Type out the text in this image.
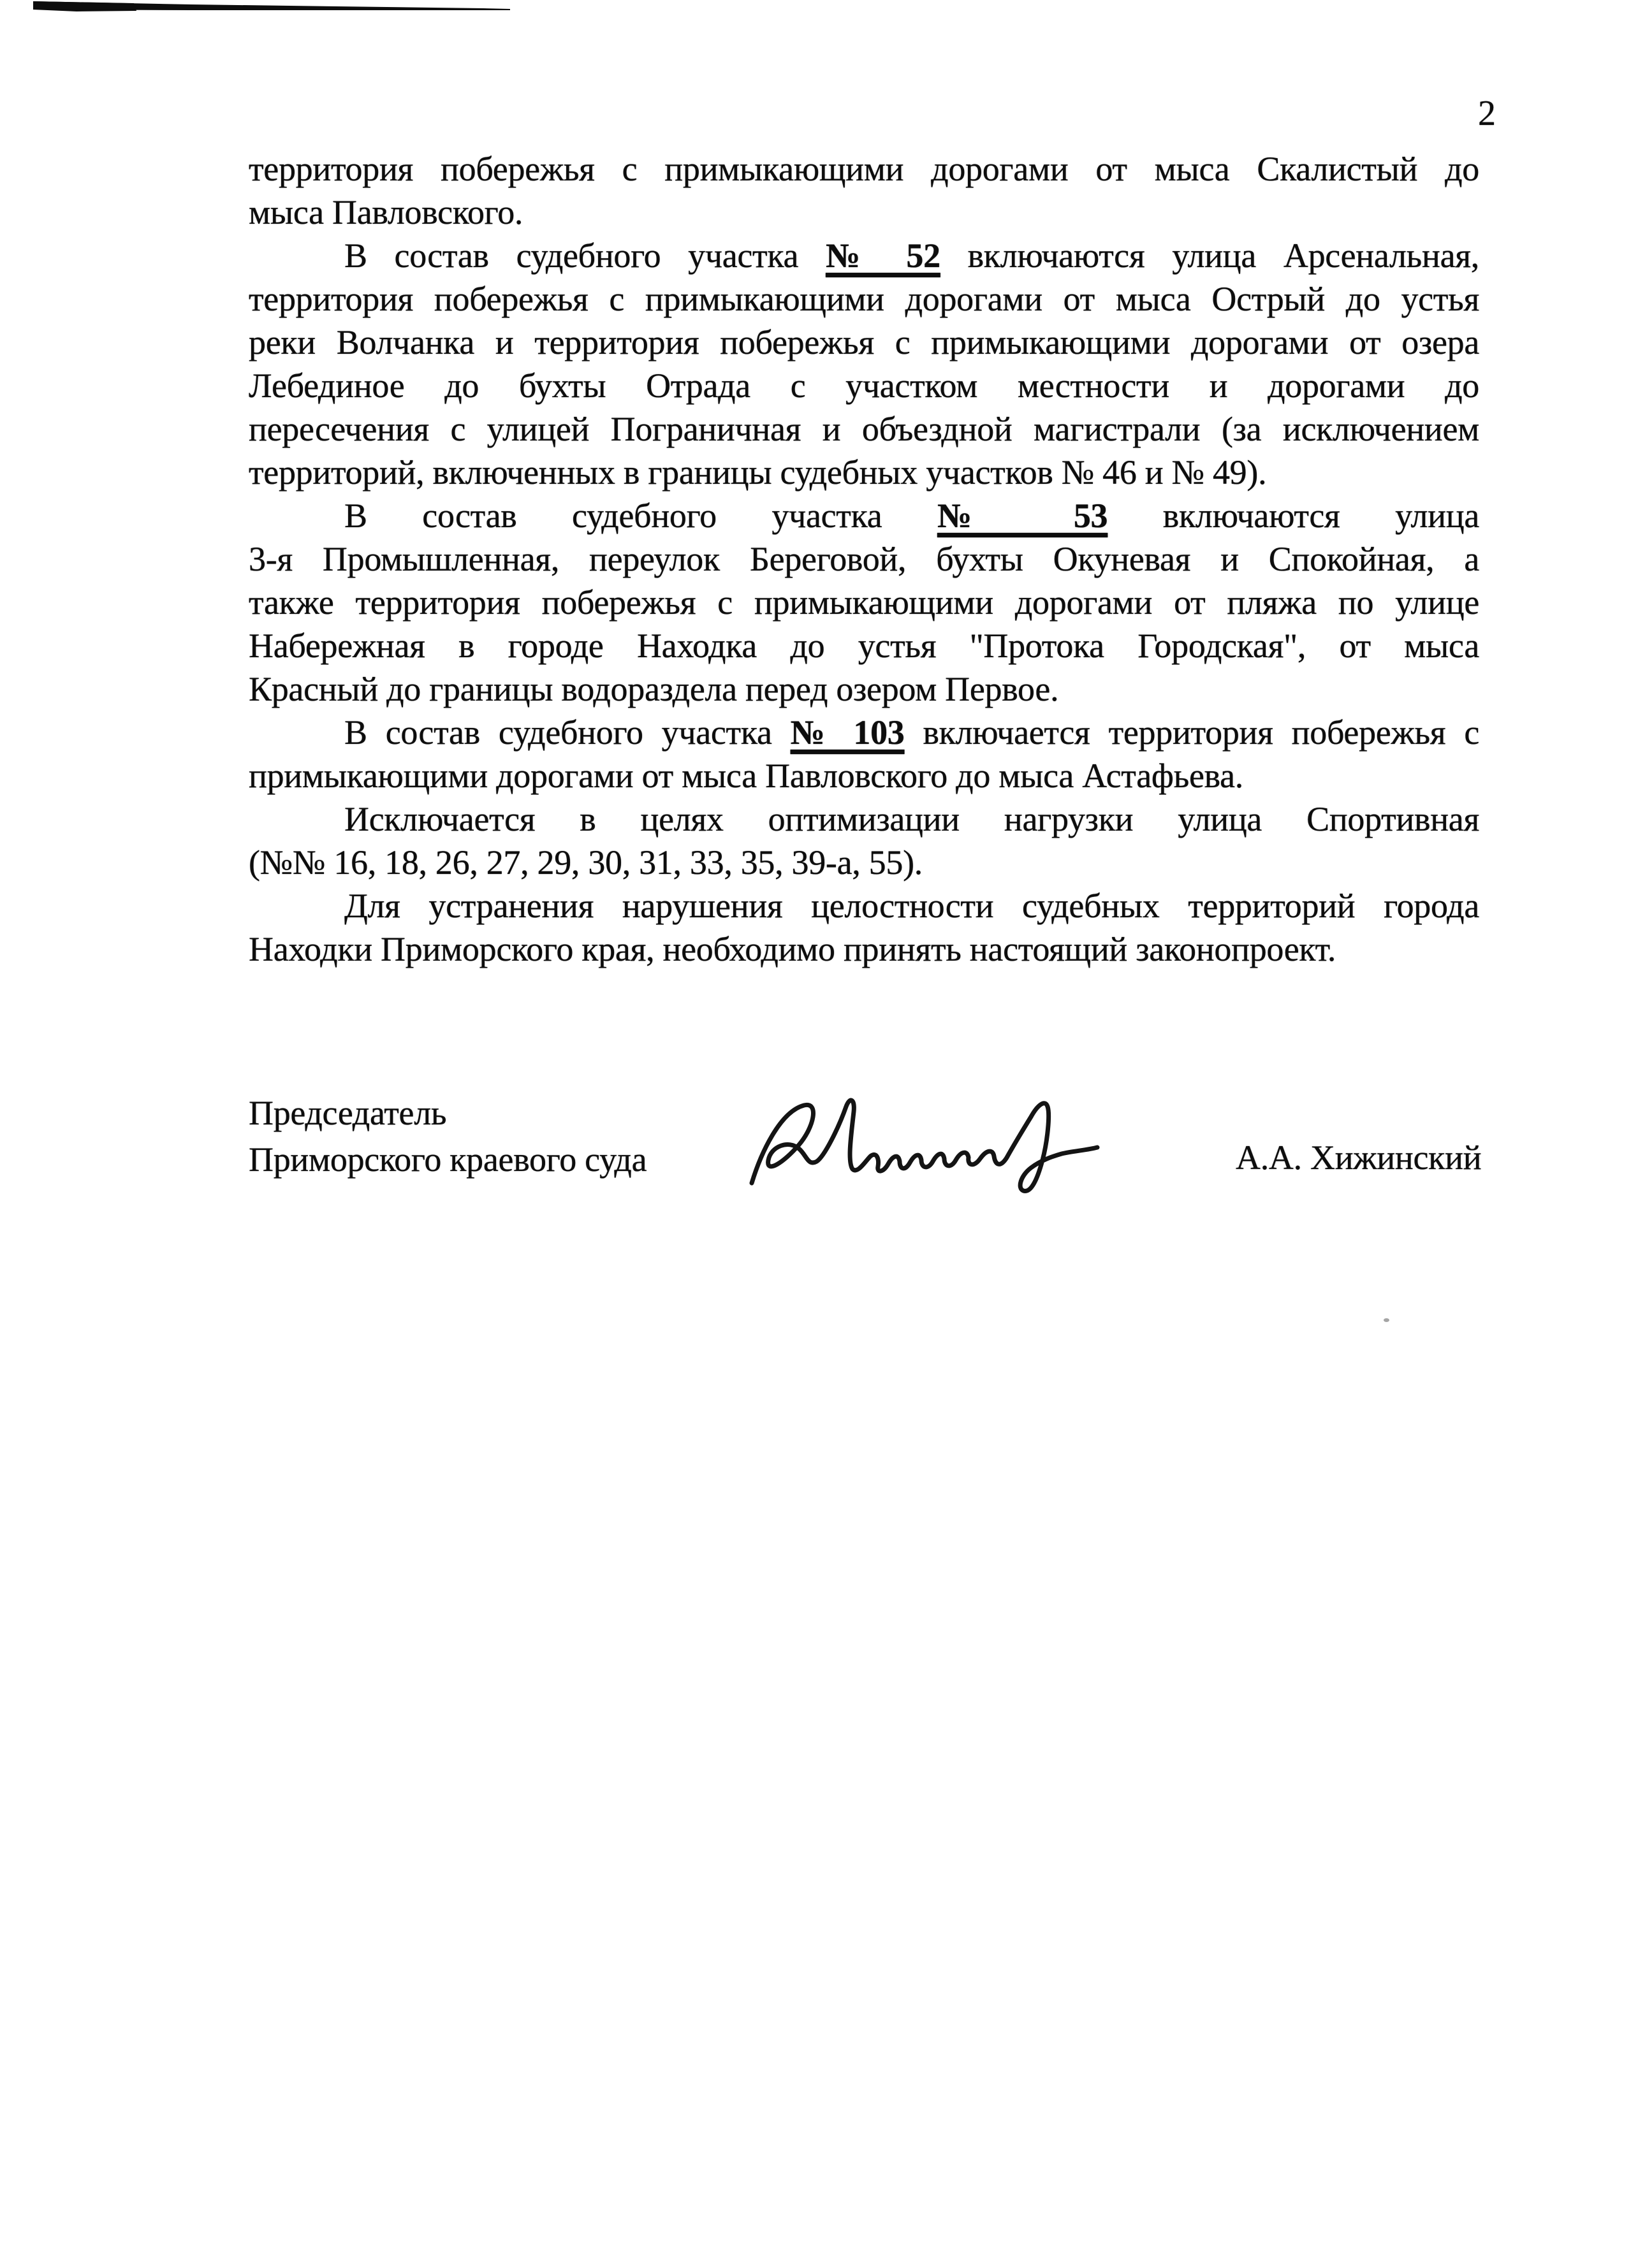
2
территория побережья с примыкающими дорогами от мыса Скалистый до
мыса Павловского.
В состав судебного участка № 52 включаются улица Арсенальная,
территория побережья с примыкающими дорогами от мыса Острый до устья
реки Волчанка и территория побережья с примыкающими дорогами от озера
Лебединое до бухты Отрада с участком местности и дорогами до
пересечения с улицей Пограничная и объездной магистрали (за исключением
территорий, включенных в границы судебных участков № 46 и № 49).
В состав судебного участка № 53 включаются улица
3-я Промышленная, переулок Береговой, бухты Окуневая и Спокойная, а
также территория побережья с примыкающими дорогами от пляжа по улице
Набережная в городе Находка до устья "Протока Городская", от мыса
Красный до границы водораздела перед озером Первое.
В состав судебного участка № 103 включается территория побережья с
примыкающими дорогами от мыса Павловского до мыса Астафьева.
Исключается в целях оптимизации нагрузки улица Спортивная
(№№ 16, 18, 26, 27, 29, 30, 31, 33, 35, 39-а, 55).
Для устранения нарушения целостности судебных территорий города
Находки Приморского края, необходимо принять настоящий законопроект.
Председатель
Приморского краевого суда	А.А. Хижинский
